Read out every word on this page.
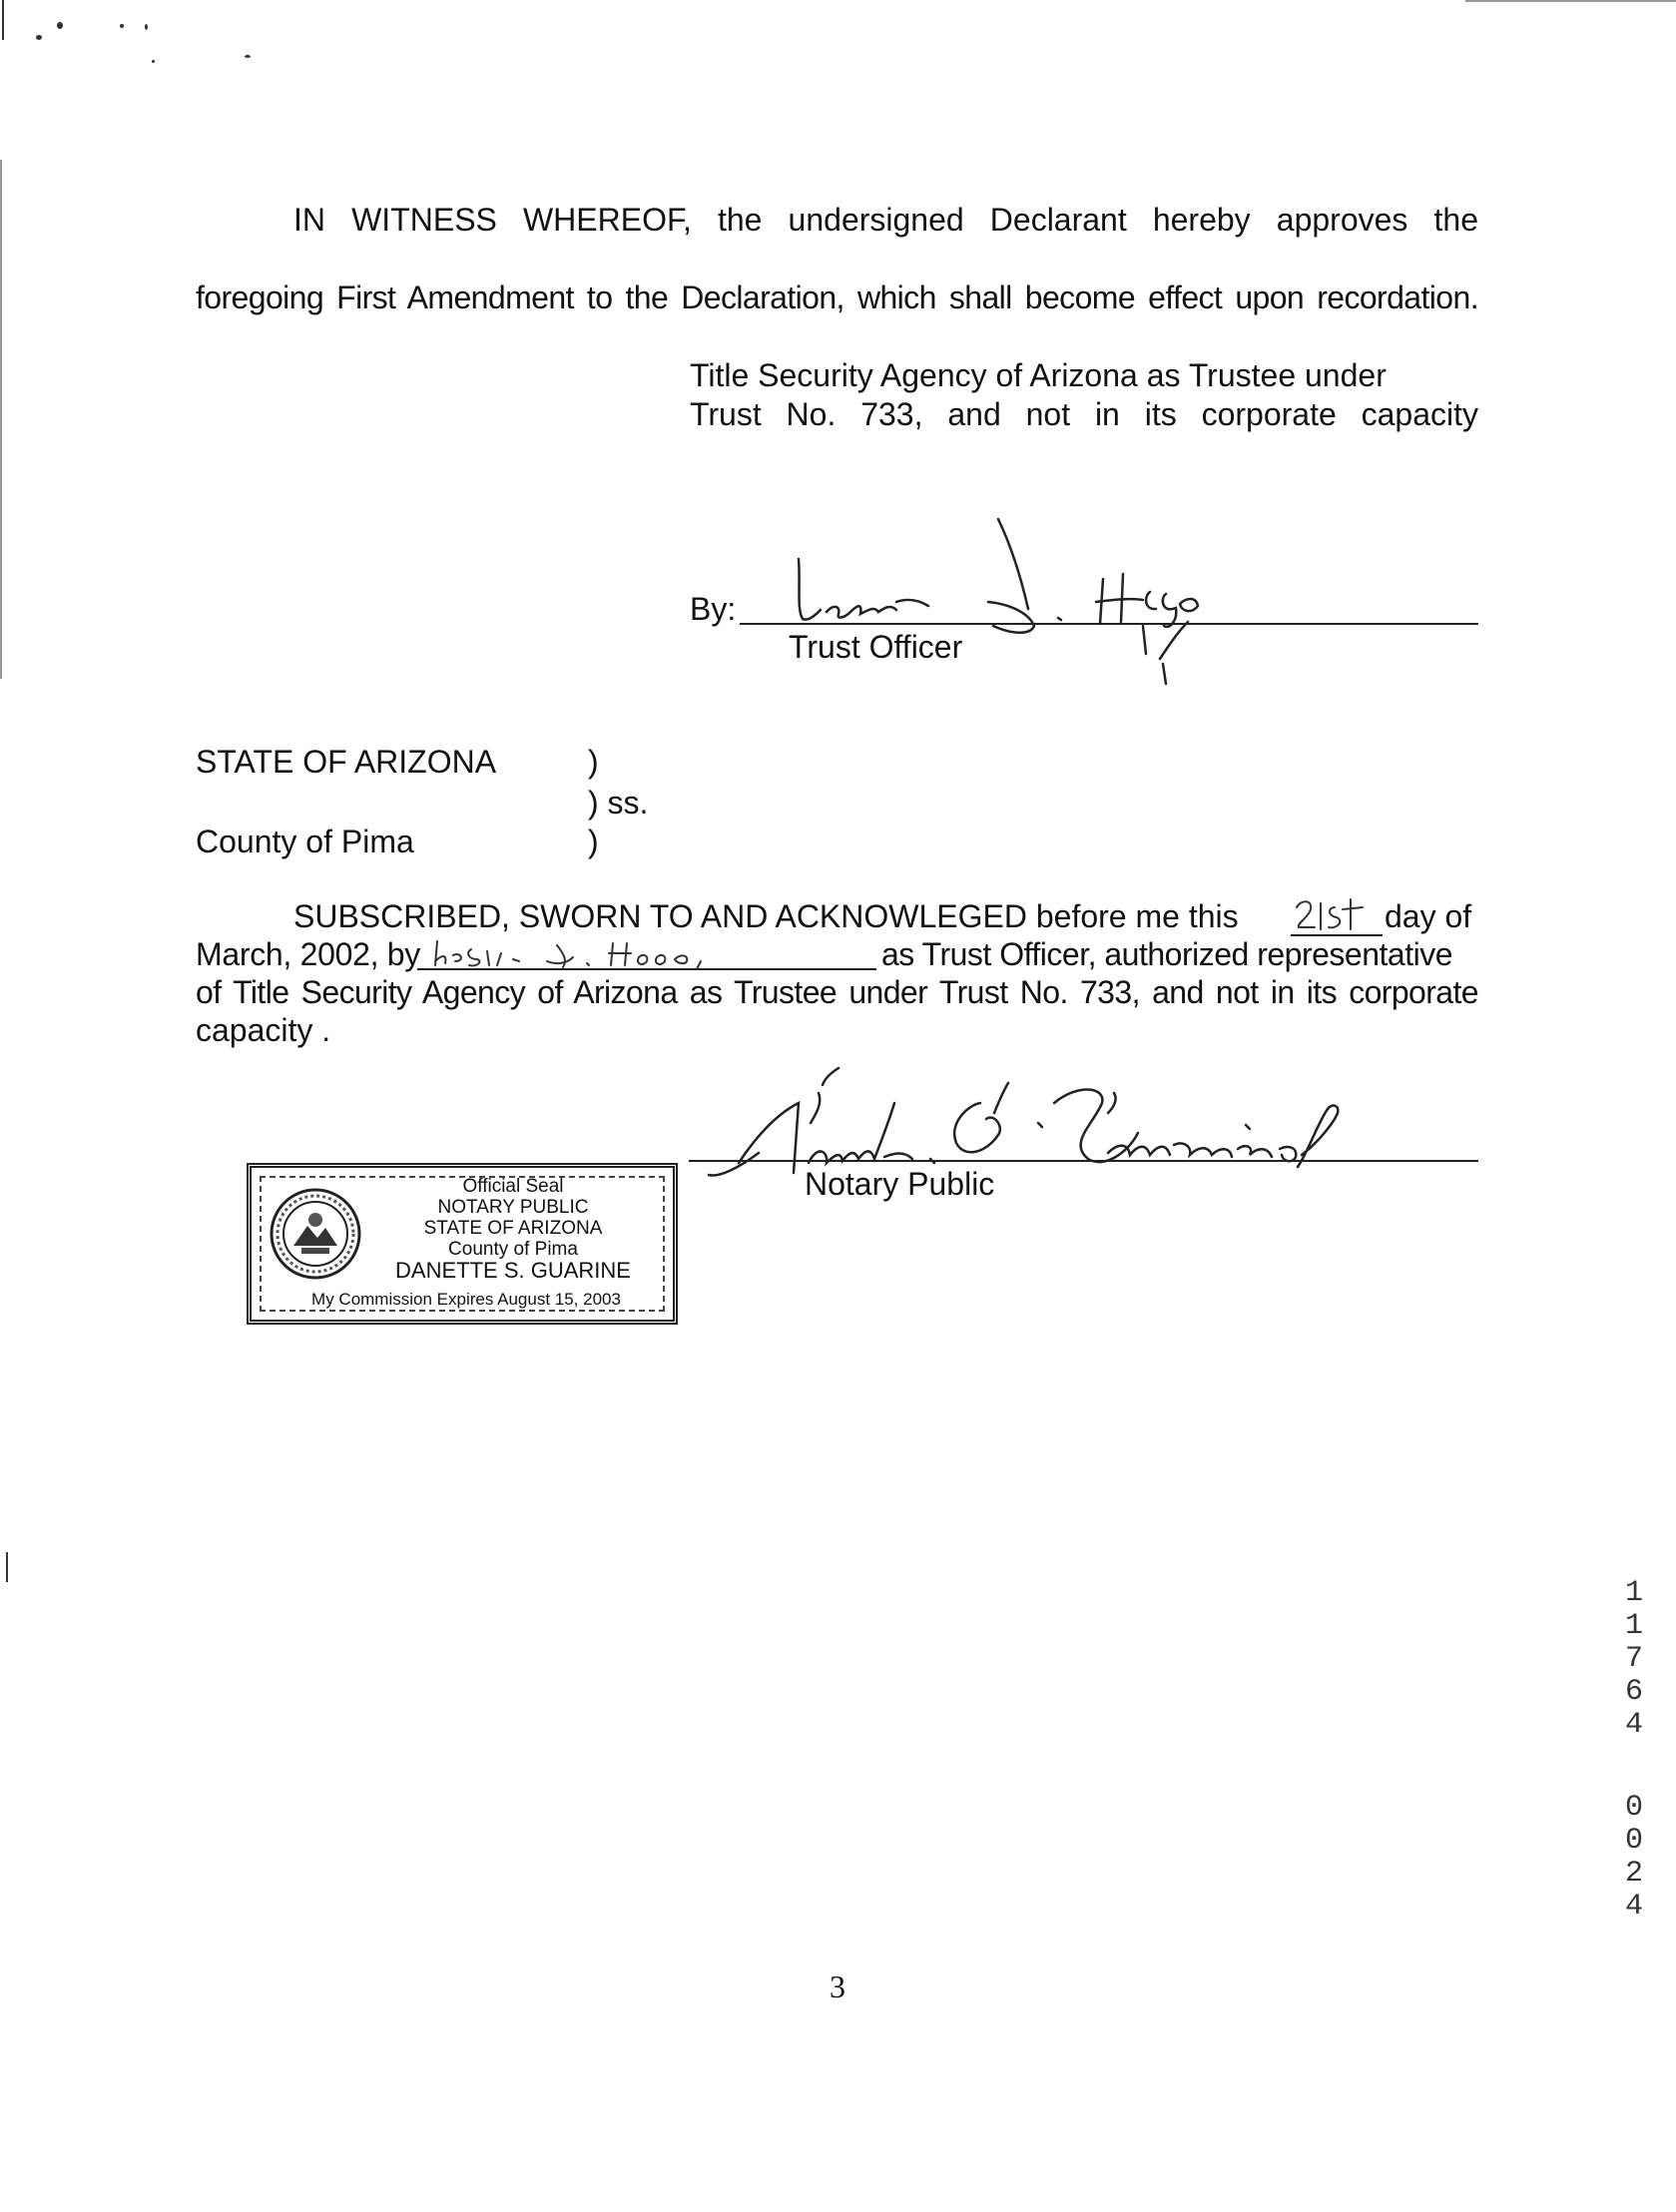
IN WITNESS WHEREOF, the undersigned Declarant hereby approves the
foregoing First Amendment to the Declaration, which shall become effect upon recordation.
Title Security Agency of Arizona as Trustee under
Trust No. 733, and not in its corporate capacity
By:
Trust Officer
STATE OF ARIZONA	)
) ss.
County of Pima	)
SUBSCRIBED, SWORN TO AND ACKNOWLEGED before me this	day of
March, 2002, by	as Trust Officer, authorized representative
of Title Security Agency of Arizona as Trustee under Trust No. 733, and not in its corporate
capacity .
Notary Public
Official Seal
NOTARY PUBLIC
STATE OF ARIZONA
County of Pima
DANETTE S. GUARINE
My Commission Expires August 15, 2003
3
1
1
7
6
4
0
0
2
4
